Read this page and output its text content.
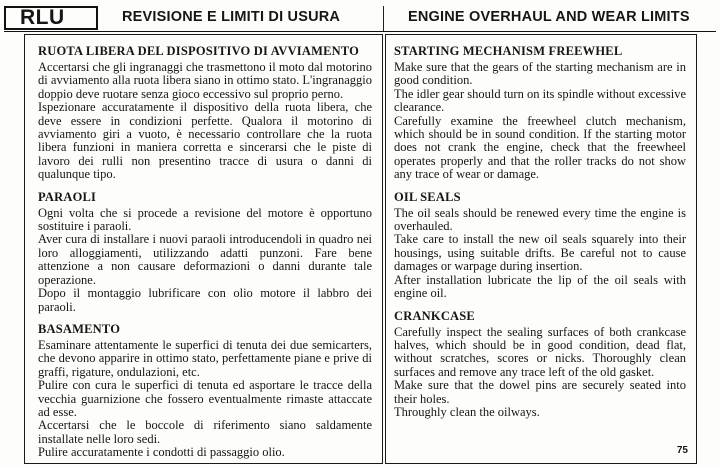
RLU	REVISIONE E LIMITI DI USURA	ENGINE OVERHAUL AND WEAR LIMITS
RUOTA LIBERA DEL DISPOSITIVO DI AVVIAMENTO

Accertarsi che gli ingranaggi che trasmettono il moto dal motorino di avviamento alla ruota libera siano in ottimo stato. L'ingranaggio doppio deve ruotare senza gioco eccessivo sul proprio perno.
Ispezionare accuratamente il dispositivo della ruota libera, che deve essere in condizioni perfette. Qualora il motorino di avviamento giri a vuoto, è necessario controllare che la ruota libera funzioni in maniera corretta e sincerarsi che le piste di lavoro dei rulli non presentino tracce di usura o danni di qualunque tipo.

PARAOLI

Ogni volta che si procede a revisione del motore è opportuno sostituire i paraoli.
Aver cura di installare i nuovi paraoli introducendoli in quadro nei loro alloggiamenti, utilizzando adatti punzoni. Fare bene attenzione a non causare deformazioni o danni durante tale operazione.
Dopo il montaggio lubrificare con olio motore il labbro dei paraoli.

BASAMENTO

Esaminare attentamente le superfici di tenuta dei due semicarters, che devono apparire in ottimo stato, perfettamente piane e prive di graffi, rigature, ondulazioni, etc.
Pulire con cura le superfici di tenuta ed asportare le tracce della vecchia guarnizione che fossero eventualmente rimaste attaccate ad esse.
Accertarsi che le boccole di riferimento siano saldamente installate nelle loro sedi.
Pulire accuratamente i condotti di passaggio olio.

STARTING MECHANISM FREEWHEL

Make sure that the gears of the starting mechanism are in good condition.
The idler gear should turn on its spindle without excessive clearance.
Carefully examine the freewheel clutch mechanism, which should be in sound condition. If the starting motor does not crank the engine, check that the freewheel operates properly and that the roller tracks do not show any trace of wear or damage.

OIL SEALS

The oil seals should be renewed every time the engine is overhauled.
Take care to install the new oil seals squarely into their housings, using suitable drifts. Be careful not to cause damages or warpage during insertion.
After installation lubricate the lip of the oil seals with engine oil.

CRANKCASE

Carefully inspect the sealing surfaces of both crankcase halves, which should be in good condition, dead flat, without scratches, scores or nicks. Thoroughly clean surfaces and remove any trace left of the old gasket.
Make sure that the dowel pins are securely seated into their holes.
Throughly clean the oilways.

75
